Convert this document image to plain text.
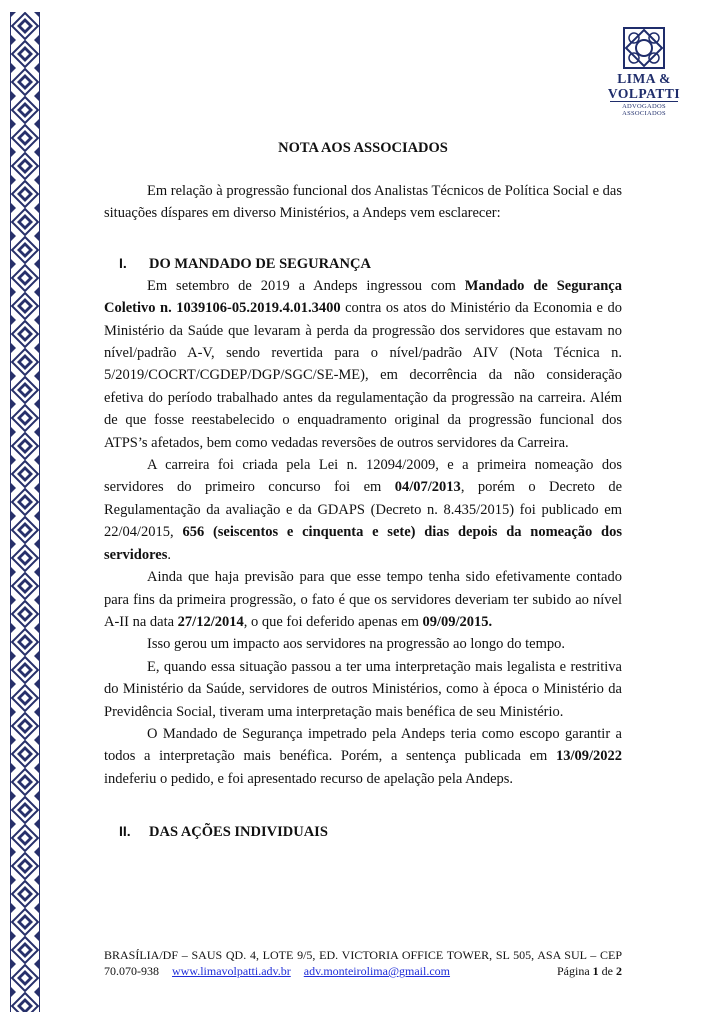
LIMA &
VOLPATTI
ADVOGADOS ASSOCIADOS
NOTA AOS ASSOCIADOS

Em relação à progressão funcional dos Analistas Técnicos de Política Social e das situações díspares em diverso Ministérios, a Andeps vem esclarecer:

I.	DO MANDADO DE SEGURANÇA

Em setembro de 2019 a Andeps ingressou com Mandado de Segurança Coletivo n. 1039106-05.2019.4.01.3400 contra os atos do Ministério da Economia e do Ministério da Saúde que levaram à perda da progressão dos servidores que estavam no nível/padrão A-V, sendo revertida para o nível/padrão AIV (Nota Técnica n. 5/2019/COCRT/CGDEP/DGP/SGC/SE-ME), em decorrência da não consideração efetiva do período trabalhado antes da regulamentação da progressão na carreira. Além de que fosse reestabelecido o enquadramento original da progressão funcional dos ATPS’s afetados, bem como vedadas reversões de outros servidores da Carreira.

A carreira foi criada pela Lei n. 12094/2009, e a primeira nomeação dos servidores do primeiro concurso foi em 04/07/2013, porém o Decreto de Regulamentação da avaliação e da GDAPS (Decreto n. 8.435/2015) foi publicado em 22/04/2015, 656 (seiscentos e cinquenta e sete) dias depois da nomeação dos servidores.

Ainda que haja previsão para que esse tempo tenha sido efetivamente contado para fins da primeira progressão, o fato é que os servidores deveriam ter subido ao nível A-II na data 27/12/2014, o que foi deferido apenas em 09/09/2015.

Isso gerou um impacto aos servidores na progressão ao longo do tempo.

E, quando essa situação passou a ter uma interpretação mais legalista e restritiva do Ministério da Saúde, servidores de outros Ministérios, como à época o Ministério da Previdência Social, tiveram uma interpretação mais benéfica de seu Ministério.

O Mandado de Segurança impetrado pela Andeps teria como escopo garantir a todos a interpretação mais benéfica. Porém, a sentença publicada em 13/09/2022 indeferiu o pedido, e foi apresentado recurso de apelação pela Andeps.

II.	DAS AÇÕES INDIVIDUAIS
BRASÍLIA/DF – SAUS QD. 4, LOTE 9/5, ED. VICTORIA OFFICE TOWER, SL 505, ASA SUL – CEP
70.070-938 www.limavolpatti.adv.br adv.monteirolima@gmail.com	Página 1 de 2
